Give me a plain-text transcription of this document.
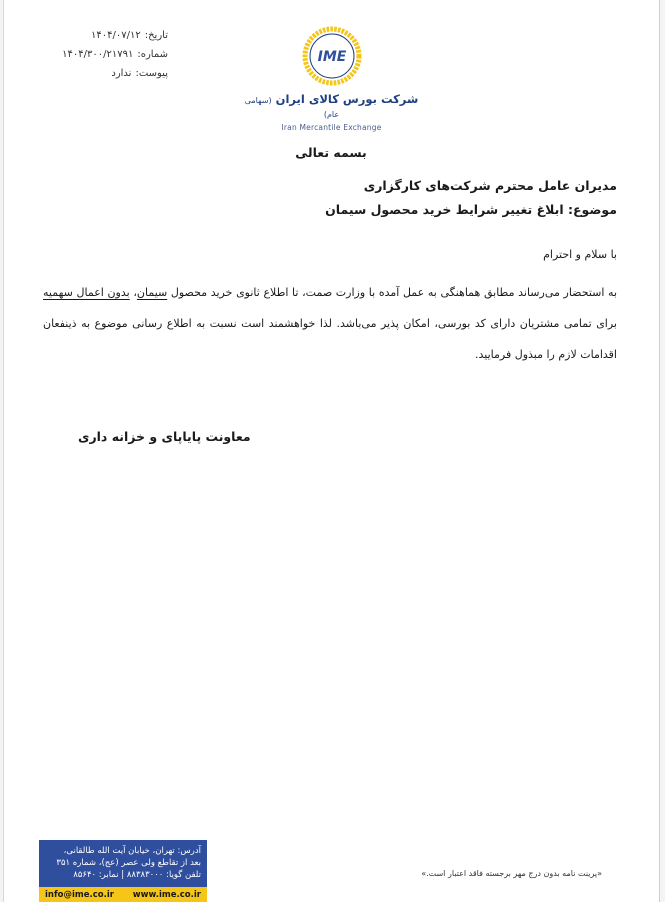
تاریخ:
۱۴۰۴/۰۷/۱۲
شماره:
۱۴۰۴/۳۰۰/۲۱۷۹۱
پیوست:
ندارد
IME
شرکت بورس کالای ایران (سهامی عام)
Iran Mercantile Exchange
بسمه تعالی
مدیران عامل محترم شرکت‌های کارگزاری
موضوع: ابلاغ تغییر شرایط خرید محصول سیمان
با سلام و احترام
به استحضار می‌رساند مطابق هماهنگی به عمل آمده با وزارت صمت، تا اطلاع ثانوی خرید محصول سیمان، بدون اعمال سهمیه برای تمامی مشتریان دارای کد بورسی، امکان پذیر می‌باشد. لذا خواهشمند است نسبت به اطلاع رسانی موضوع به ذینفعان اقدامات لازم را مبذول فرمایید.
معاونت پایاپای و خزانه داری
آدرس: تهران، خیابان آیت الله طالقانی،
بعد از تقاطع ولی عصر (عج)، شماره ۳۵۱
تلفن گویا: ۸۸۳۸۳۰۰۰ | نمابر: ۸۵۶۴۰
info@ime.co.ir www.ime.co.ir
«پرینت نامه بدون درج مهر برجسته فاقد اعتبار است.»
